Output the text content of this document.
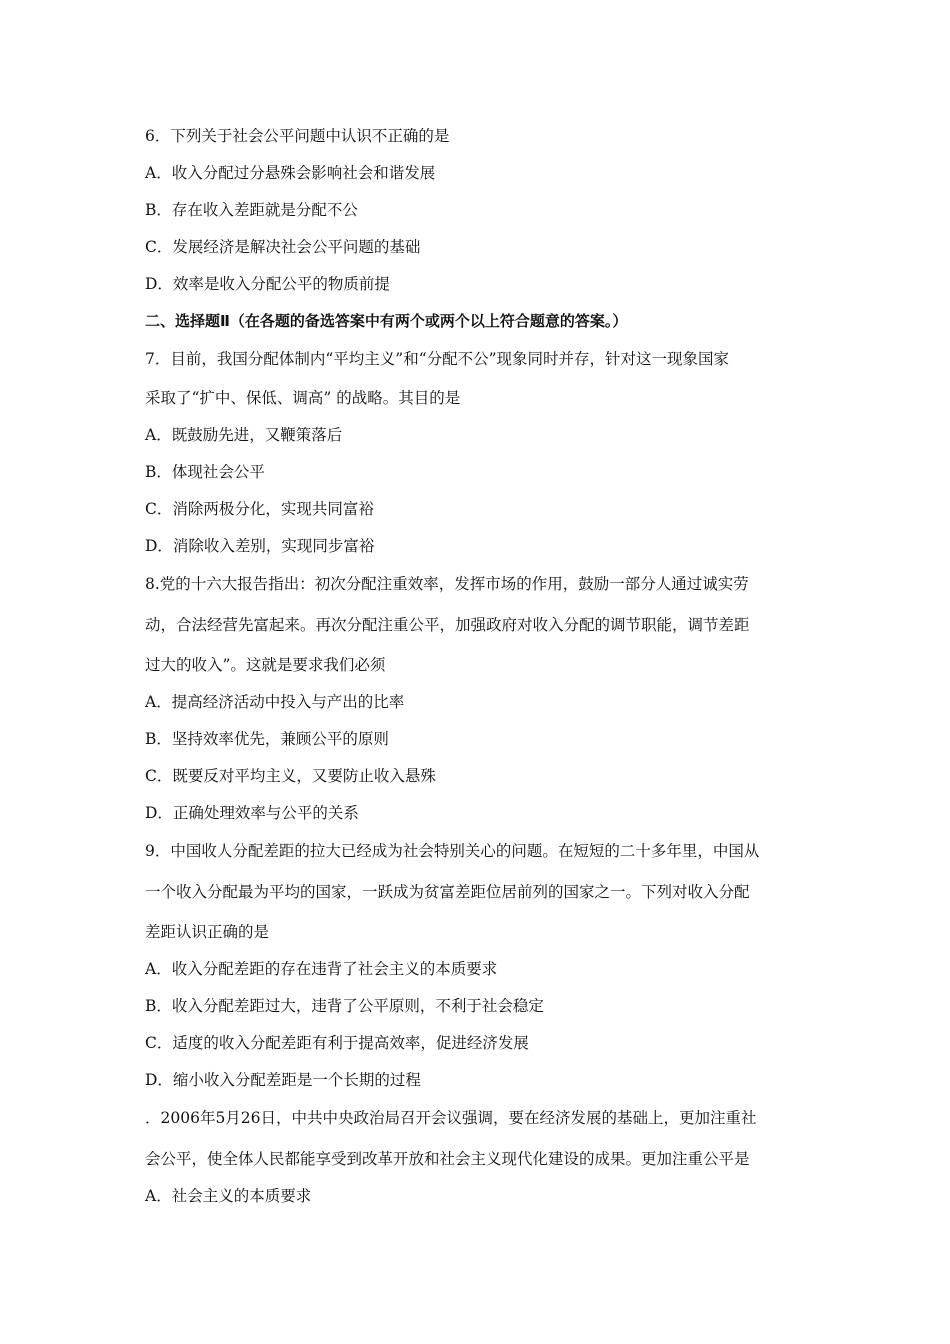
6．下列关于社会公平问题中认识不正确的是
A．收入分配过分悬殊会影响社会和谐发展
B．存在收入差距就是分配不公
C．发展经济是解决社会公平问题的基础
D．效率是收入分配公平的物质前提
二、选择题Ⅱ（在各题的备选答案中有两个或两个以上符合题意的答案。）
7．目前，我国分配体制内“平均主义”和“分配不公”现象同时并存，针对这一现象国家
采取了“扩中、保低、调高” 的战略。其目的是
A．既鼓励先进，又鞭策落后
B．体现社会公平
C．消除两极分化，实现共同富裕
D．消除收入差别，实现同步富裕
8.党的十六大报告指出：初次分配注重效率，发挥市场的作用，鼓励一部分人通过诚实劳
动，合法经营先富起来。再次分配注重公平，加强政府对收入分配的调节职能，调节差距
过大的收入”。这就是要求我们必须
A．提高经济活动中投入与产出的比率
B．坚持效率优先，兼顾公平的原则
C．既要反对平均主义，又要防止收入悬殊
D．正确处理效率与公平的关系
9．中国收人分配差距的拉大已经成为社会特别关心的问题。在短短的二十多年里，中国从
一个收入分配最为平均的国家，一跃成为贫富差距位居前列的国家之一。下列对收入分配
差距认识正确的是
A．收入分配差距的存在违背了社会主义的本质要求
B．收入分配差距过大，违背了公平原则，不利于社会稳定
C．适度的收入分配差距有利于提高效率，促进经济发展
D．缩小收入分配差距是一个长期的过程
．2006年5月26日，中共中央政治局召开会议强调，要在经济发展的基础上，更加注重社
会公平，使全体人民都能享受到改革开放和社会主义现代化建设的成果。更加注重公平是
A．社会主义的本质要求
